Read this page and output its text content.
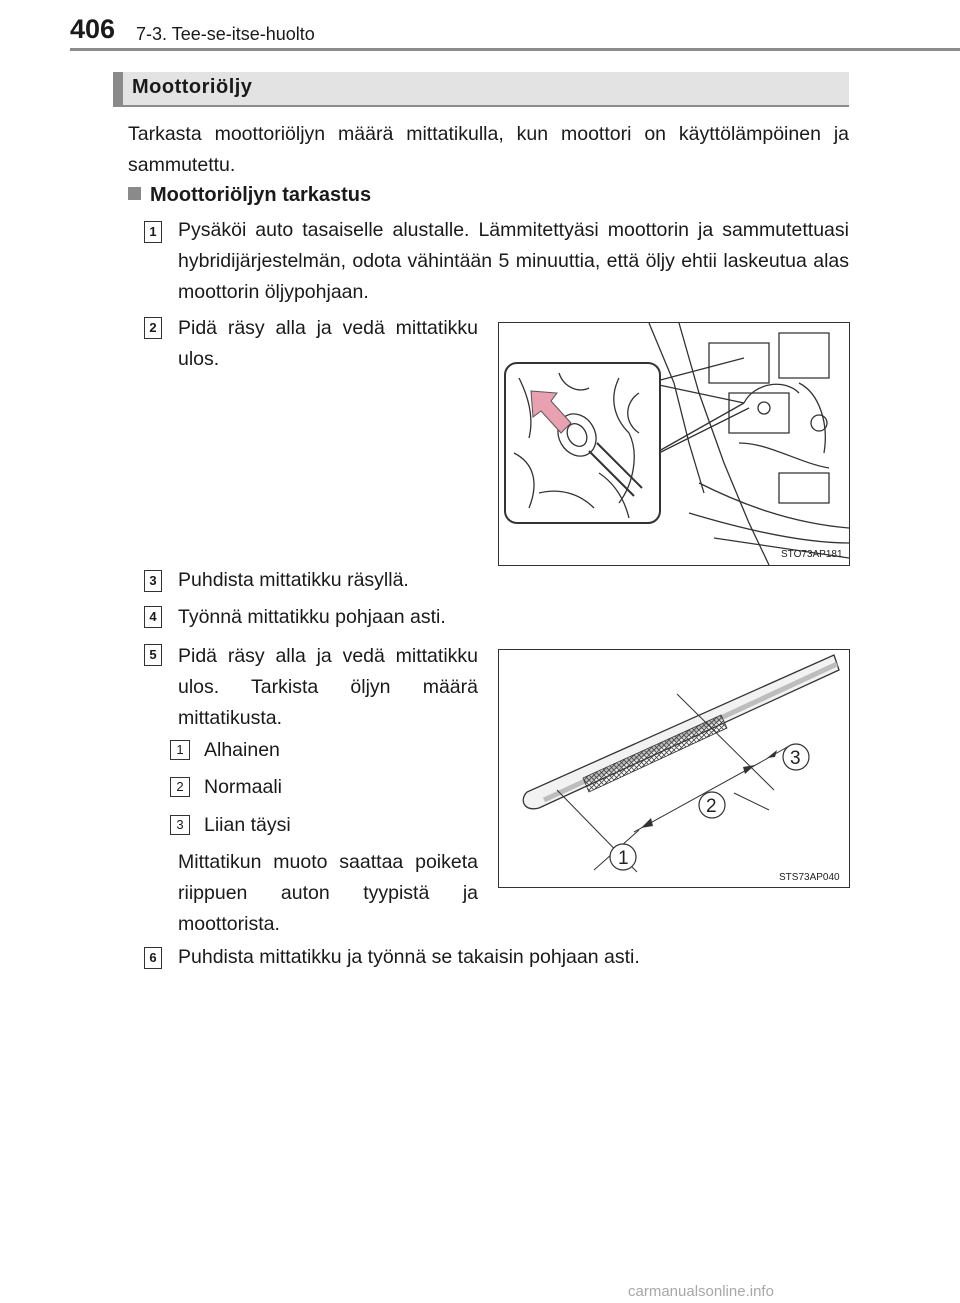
406 7-3. Tee-se-itse-huolto
Moottoriöljy
Tarkasta moottoriöljyn määrä mittatikulla, kun moottori on käyttölämpöinen ja sammutettu.
Moottoriöljyn tarkastus
1 Pysäköi auto tasaiselle alustalle. Lämmitettyäsi moottorin ja sammutettuasi hybridijärjestelmän, odota vähintään 5 minuuttia, että öljy ehtii laskeutua alas moottorin öljypohjaan.
2 Pidä räsy alla ja vedä mittatikku ulos.
STO73AP181
3 Puhdista mittatikku räsyllä.
4 Työnnä mittatikku pohjaan asti.
5 Pidä räsy alla ja vedä mittatikku ulos. Tarkista öljyn määrä mittatikusta.
1	Alhainen
2	Normaali
3	Liian täysi
Mittatikun muoto saattaa poiketa riippuen auton tyypistä ja moottorista.
1
2
3
STS73AP040
6 Puhdista mittatikku ja työnnä se takaisin pohjaan asti.
carmanualsonline.info
